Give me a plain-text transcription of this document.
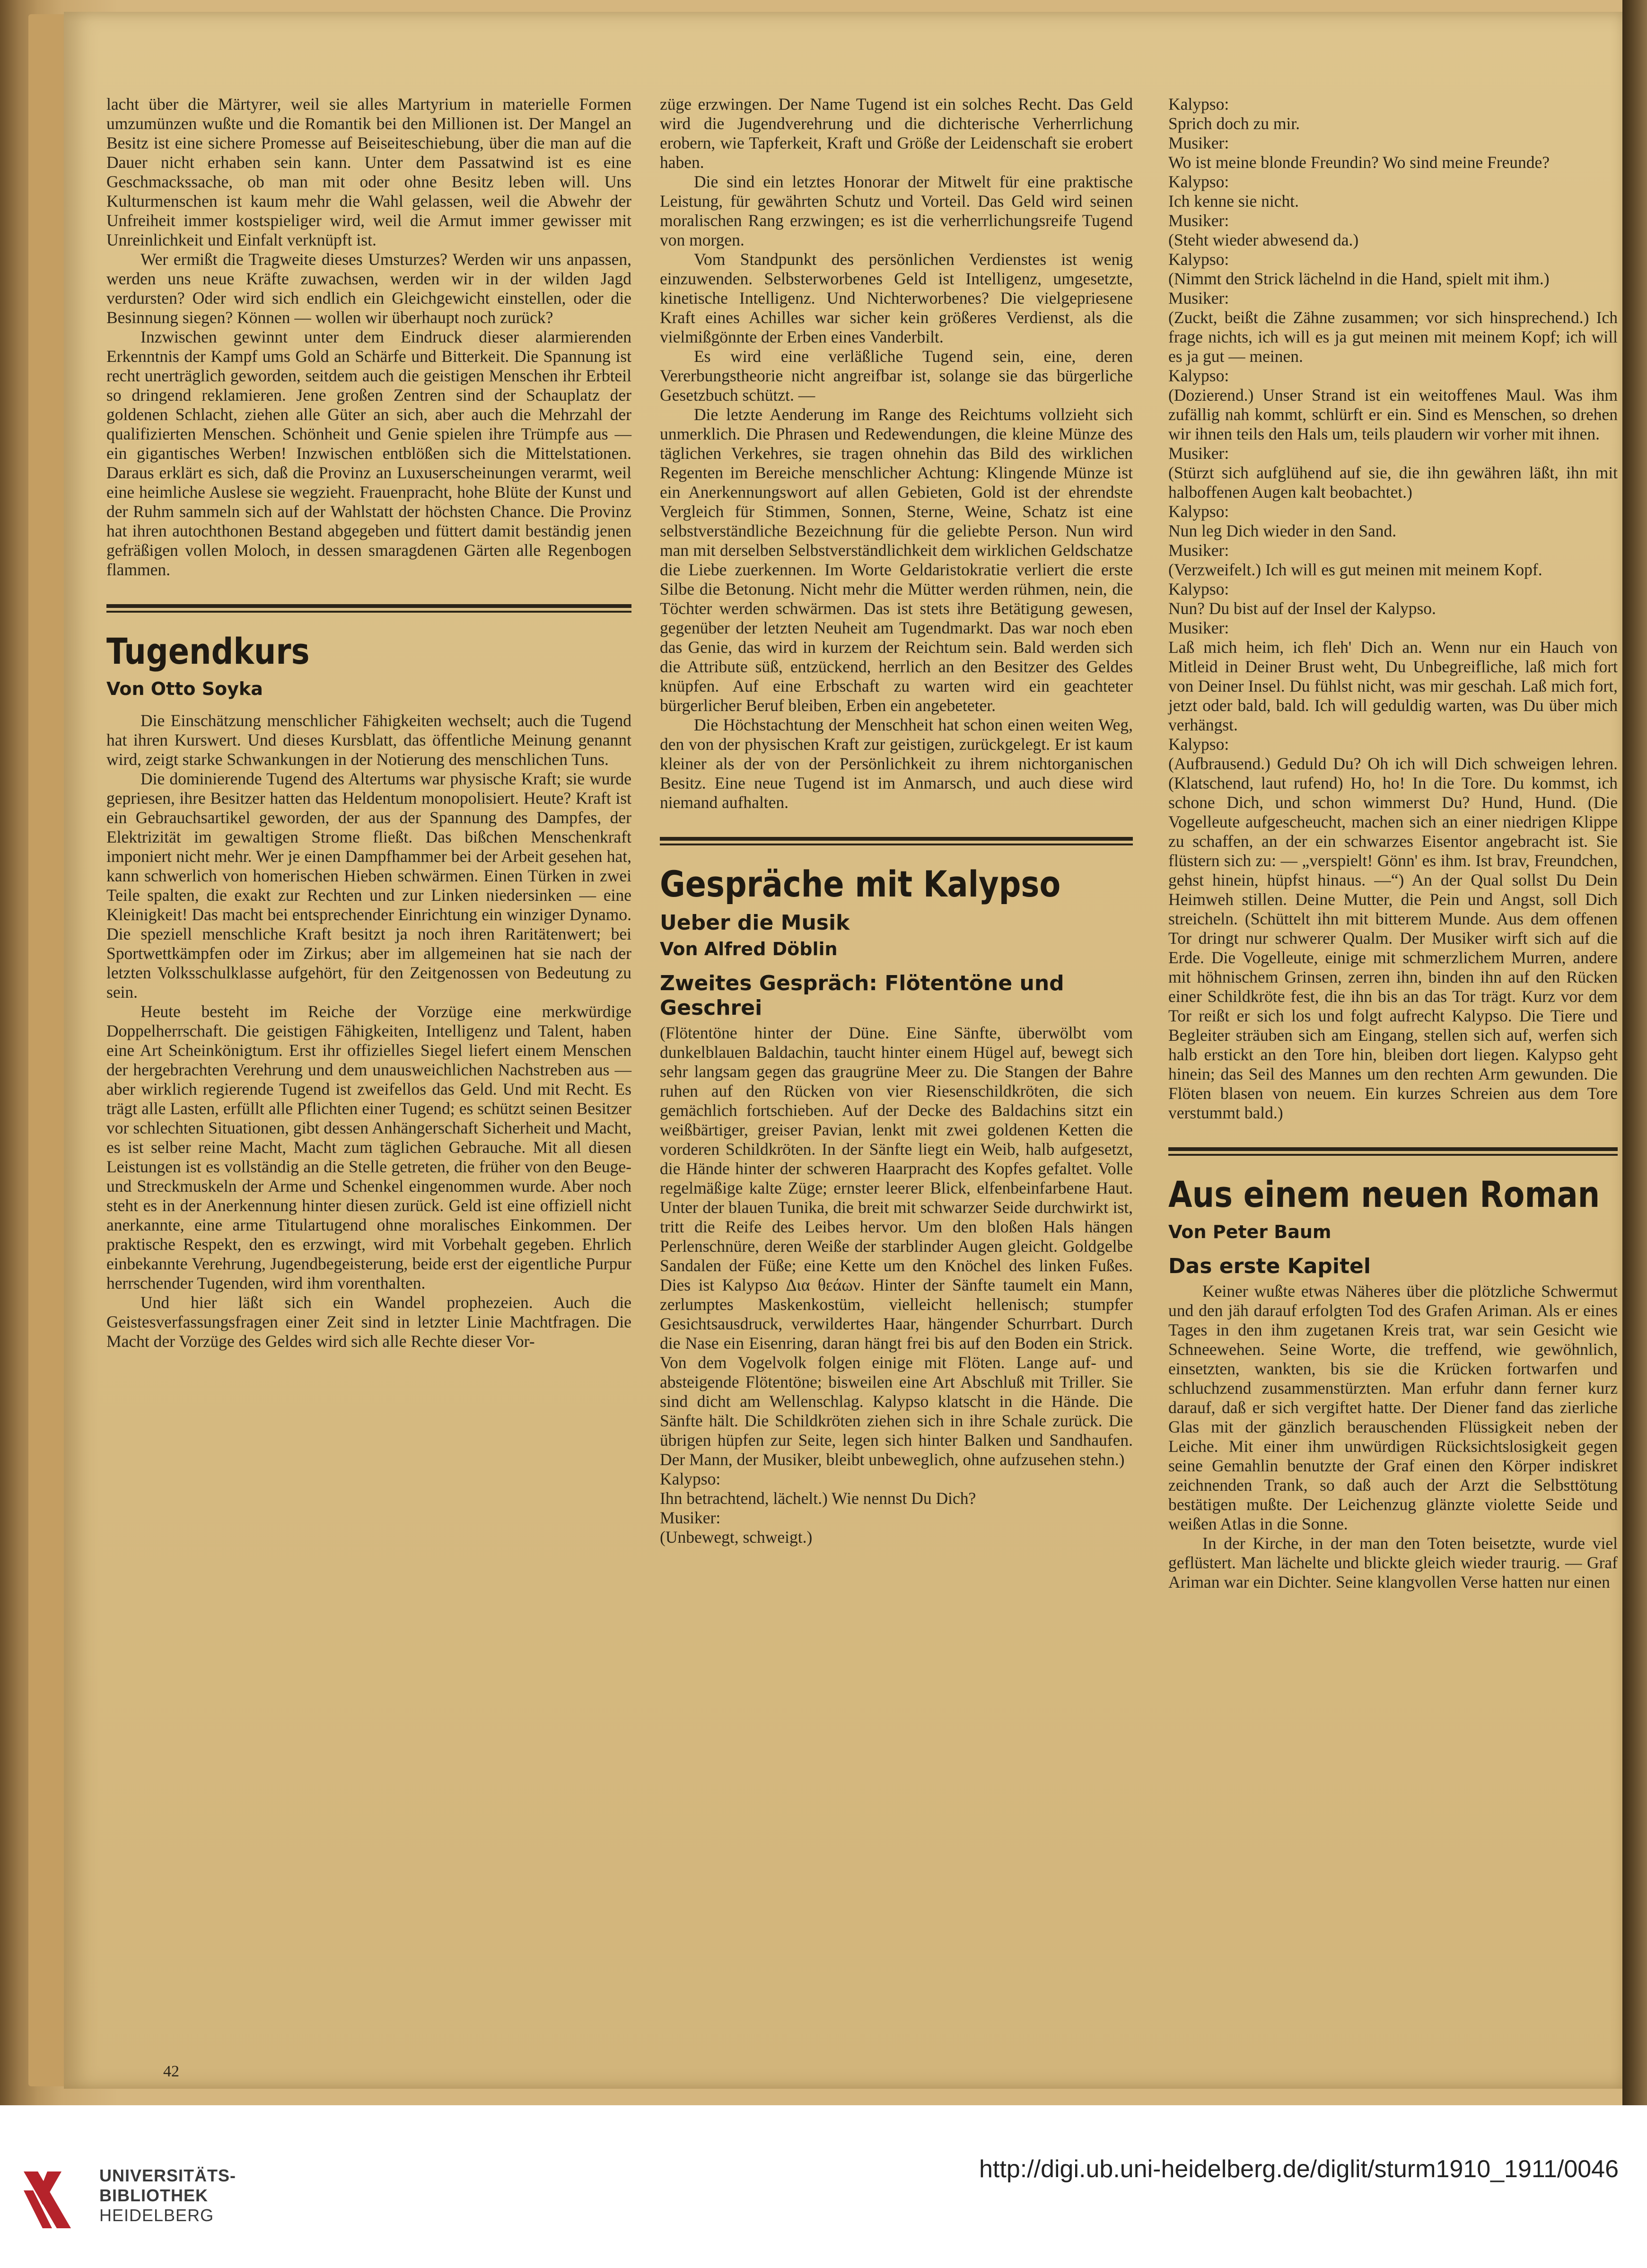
lacht über die Märtyrer, weil sie alles Martyrium in materielle Formen umzumünzen wußte und die Romantik bei den Millionen ist. Der Mangel an Besitz ist eine sichere Promesse auf Beiseiteschiebung, über die man auf die Dauer nicht erhaben sein kann. Unter dem Passatwind ist es eine Geschmackssache, ob man mit oder ohne Besitz leben will. Uns Kulturmenschen ist kaum mehr die Wahl gelassen, weil die Abwehr der Unfreiheit immer kostspieliger wird, weil die Armut immer gewisser mit Unreinlichkeit und Einfalt verknüpft ist.

Wer ermißt die Tragweite dieses Umsturzes? Werden wir uns anpassen, werden uns neue Kräfte zuwachsen, werden wir in der wilden Jagd verdursten? Oder wird sich endlich ein Gleichgewicht einstellen, oder die Besinnung siegen? Können — wollen wir überhaupt noch zurück?

Inzwischen gewinnt unter dem Eindruck dieser alarmierenden Erkenntnis der Kampf ums Gold an Schärfe und Bitterkeit. Die Spannung ist recht unerträglich geworden, seitdem auch die geistigen Menschen ihr Erbteil so dringend reklamieren. Jene großen Zentren sind der Schauplatz der goldenen Schlacht, ziehen alle Güter an sich, aber auch die Mehrzahl der qualifizierten Menschen. Schönheit und Genie spielen ihre Trümpfe aus — ein gigantisches Werben! Inzwischen entblößen sich die Mittelstationen. Daraus erklärt es sich, daß die Provinz an Luxuserscheinungen verarmt, weil eine heimliche Auslese sie wegzieht. Frauenpracht, hohe Blüte der Kunst und der Ruhm sammeln sich auf der Wahlstatt der höchsten Chance. Die Provinz hat ihren autochthonen Bestand abgegeben und füttert damit beständig jenen gefräßigen vollen Moloch, in dessen smaragdenen Gärten alle Regenbogen flammen.

Tugendkurs
Von Otto Soyka

Die Einschätzung menschlicher Fähigkeiten wechselt; auch die Tugend hat ihren Kurswert. Und dieses Kursblatt, das öffentliche Meinung genannt wird, zeigt starke Schwankungen in der Notierung des menschlichen Tuns.

Die dominierende Tugend des Altertums war physische Kraft; sie wurde gepriesen, ihre Besitzer hatten das Heldentum monopolisiert. Heute? Kraft ist ein Gebrauchsartikel geworden, der aus der Spannung des Dampfes, der Elektrizität im gewaltigen Strome fließt. Das bißchen Menschenkraft imponiert nicht mehr. Wer je einen Dampfhammer bei der Arbeit gesehen hat, kann schwerlich von homerischen Hieben schwärmen. Einen Türken in zwei Teile spalten, die exakt zur Rechten und zur Linken niedersinken — eine Kleinigkeit! Das macht bei entsprechender Einrichtung ein winziger Dynamo. Die speziell menschliche Kraft besitzt ja noch ihren Raritätenwert; bei Sportwettkämpfen oder im Zirkus; aber im allgemeinen hat sie nach der letzten Volksschulklasse aufgehört, für den Zeitgenossen von Bedeutung zu sein.

Heute besteht im Reiche der Vorzüge eine merkwürdige Doppelherrschaft. Die geistigen Fähigkeiten, Intelligenz und Talent, haben eine Art Scheinkönigtum. Erst ihr offizielles Siegel liefert einem Menschen der hergebrachten Verehrung und dem unausweichlichen Nachstreben aus — aber wirklich regierende Tugend ist zweifellos das Geld. Und mit Recht. Es trägt alle Lasten, erfüllt alle Pflichten einer Tugend; es schützt seinen Besitzer vor schlechten Situationen, gibt dessen Anhängerschaft Sicherheit und Macht, es ist selber reine Macht, Macht zum täglichen Gebrauche. Mit all diesen Leistungen ist es vollständig an die Stelle getreten, die früher von den Beuge- und Streckmuskeln der Arme und Schenkel eingenommen wurde. Aber noch steht es in der Anerkennung hinter diesen zurück. Geld ist eine offiziell nicht anerkannte, eine arme Titulartugend ohne moralisches Einkommen. Der praktische Respekt, den es erzwingt, wird mit Vorbehalt gegeben. Ehrlich einbekannte Verehrung, Jugendbegeisterung, beide erst der eigentliche Purpur herrschender Tugenden, wird ihm vorenthalten.

Und hier läßt sich ein Wandel prophezeien. Auch die Geistesverfassungsfragen einer Zeit sind in letzter Linie Machtfragen. Die Macht der Vorzüge des Geldes wird sich alle Rechte dieser Vor-

züge erzwingen. Der Name Tugend ist ein solches Recht. Das Geld wird die Jugendverehrung und die dichterische Verherrlichung erobern, wie Tapferkeit, Kraft und Größe der Leidenschaft sie erobert haben.

Die sind ein letztes Honorar der Mitwelt für eine praktische Leistung, für gewährten Schutz und Vorteil. Das Geld wird seinen moralischen Rang erzwingen; es ist die verherrlichungsreife Tugend von morgen.

Vom Standpunkt des persönlichen Verdienstes ist wenig einzuwenden. Selbsterworbenes Geld ist Intelligenz, umgesetzte, kinetische Intelligenz. Und Nichterworbenes? Die vielgepriesene Kraft eines Achilles war sicher kein größeres Verdienst, als die vielmißgönnte der Erben eines Vanderbilt.

Es wird eine verläßliche Tugend sein, eine, deren Vererbungstheorie nicht angreifbar ist, solange sie das bürgerliche Gesetzbuch schützt. —

Die letzte Aenderung im Range des Reichtums vollzieht sich unmerklich. Die Phrasen und Redewendungen, die kleine Münze des täglichen Verkehres, sie tragen ohnehin das Bild des wirklichen Regenten im Bereiche menschlicher Achtung: Klingende Münze ist ein Anerkennungswort auf allen Gebieten, Gold ist der ehrendste Vergleich für Stimmen, Sonnen, Sterne, Weine, Schatz ist eine selbstverständliche Bezeichnung für die geliebte Person. Nun wird man mit derselben Selbstverständlichkeit dem wirklichen Geldschatze die Liebe zuerkennen. Im Worte Geldaristokratie verliert die erste Silbe die Betonung. Nicht mehr die Mütter werden rühmen, nein, die Töchter werden schwärmen. Das ist stets ihre Betätigung gewesen, gegenüber der letzten Neuheit am Tugendmarkt. Das war noch eben das Genie, das wird in kurzem der Reichtum sein. Bald werden sich die Attribute süß, entzückend, herrlich an den Besitzer des Geldes knüpfen. Auf eine Erbschaft zu warten wird ein geachteter bürgerlicher Beruf bleiben, Erben ein angebeteter.

Die Höchstachtung der Menschheit hat schon einen weiten Weg, den von der physischen Kraft zur geistigen, zurückgelegt. Er ist kaum kleiner als der von der Persönlichkeit zu ihrem nichtorganischen Besitz. Eine neue Tugend ist im Anmarsch, und auch diese wird niemand aufhalten.

Gespräche mit Kalypso
Ueber die Musik
Von Alfred Döblin
Zweites Gespräch: Flötentöne und Geschrei

(Flötentöne hinter der Düne. Eine Sänfte, überwölbt vom dunkelblauen Baldachin, taucht hinter einem Hügel auf, bewegt sich sehr langsam gegen das graugrüne Meer zu. Die Stangen der Bahre ruhen auf den Rücken von vier Riesenschildkröten, die sich gemächlich fortschieben. Auf der Decke des Baldachins sitzt ein weißbärtiger, greiser Pavian, lenkt mit zwei goldenen Ketten die vorderen Schildkröten. In der Sänfte liegt ein Weib, halb aufgesetzt, die Hände hinter der schweren Haarpracht des Kopfes gefaltet. Volle regelmäßige kalte Züge; ernster leerer Blick, elfenbeinfarbene Haut. Unter der blauen Tunika, die breit mit schwarzer Seide durchwirkt ist, tritt die Reife des Leibes hervor. Um den bloßen Hals hängen Perlenschnüre, deren Weiße der starblinder Augen gleicht. Goldgelbe Sandalen der Füße; eine Kette um den Knöchel des linken Fußes. Dies ist Kalypso Δια θεάων. Hinter der Sänfte taumelt ein Mann, zerlumptes Maskenkostüm, vielleicht hellenisch; stumpfer Gesichtsausdruck, verwildertes Haar, hängender Schurrbart. Durch die Nase ein Eisenring, daran hängt frei bis auf den Boden ein Strick. Von dem Vogelvolk folgen einige mit Flöten. Lange auf- und absteigende Flötentöne; bisweilen eine Art Abschluß mit Triller. Sie sind dicht am Wellenschlag. Kalypso klatscht in die Hände. Die Sänfte hält. Die Schildkröten ziehen sich in ihre Schale zurück. Die übrigen hüpfen zur Seite, legen sich hinter Balken und Sandhaufen. Der Mann, der Musiker, bleibt unbeweglich, ohne aufzusehen stehn.)

Kalypso:

Ihn betrachtend, lächelt.) Wie nennst Du Dich?

Musiker:

(Unbewegt, schweigt.)

Kalypso:

Sprich doch zu mir.

Musiker:

Wo ist meine blonde Freundin? Wo sind meine Freunde?

Kalypso:

Ich kenne sie nicht.

Musiker:

(Steht wieder abwesend da.)

Kalypso:

(Nimmt den Strick lächelnd in die Hand, spielt mit ihm.)

Musiker:

(Zuckt, beißt die Zähne zusammen; vor sich hinsprechend.) Ich frage nichts, ich will es ja gut meinen mit meinem Kopf; ich will es ja gut — meinen.

Kalypso:

(Dozierend.) Unser Strand ist ein weitoffenes Maul. Was ihm zufällig nah kommt, schlürft er ein. Sind es Menschen, so drehen wir ihnen teils den Hals um, teils plaudern wir vorher mit ihnen.

Musiker:

(Stürzt sich aufglühend auf sie, die ihn gewähren läßt, ihn mit halboffenen Augen kalt beobachtet.)

Kalypso:

Nun leg Dich wieder in den Sand.

Musiker:

(Verzweifelt.) Ich will es gut meinen mit meinem Kopf.

Kalypso:

Nun? Du bist auf der Insel der Kalypso.

Musiker:

Laß mich heim, ich fleh' Dich an. Wenn nur ein Hauch von Mitleid in Deiner Brust weht, Du Unbegreifliche, laß mich fort von Deiner Insel. Du fühlst nicht, was mir geschah. Laß mich fort, jetzt oder bald, bald. Ich will geduldig warten, was Du über mich verhängst.

Kalypso:

(Aufbrausend.) Geduld Du? Oh ich will Dich schweigen lehren. (Klatschend, laut rufend) Ho, ho! In die Tore. Du kommst, ich schone Dich, und schon wimmerst Du? Hund, Hund. (Die Vogelleute aufgescheucht, machen sich an einer niedrigen Klippe zu schaffen, an der ein schwarzes Eisentor angebracht ist. Sie flüstern sich zu: — „verspielt! Gönn' es ihm. Ist brav, Freundchen, gehst hinein, hüpfst hinaus. —“) An der Qual sollst Du Dein Heimweh stillen. Deine Mutter, die Pein und Angst, soll Dich streicheln. (Schüttelt ihn mit bitterem Munde. Aus dem offenen Tor dringt nur schwerer Qualm. Der Musiker wirft sich auf die Erde. Die Vogelleute, einige mit schmerzlichem Murren, andere mit höhnischem Grinsen, zerren ihn, binden ihn auf den Rücken einer Schildkröte fest, die ihn bis an das Tor trägt. Kurz vor dem Tor reißt er sich los und folgt aufrecht Kalypso. Die Tiere und Begleiter sträuben sich am Eingang, stellen sich auf, werfen sich halb erstickt an den Tore hin, bleiben dort liegen. Kalypso geht hinein; das Seil des Mannes um den rechten Arm gewunden. Die Flöten blasen von neuem. Ein kurzes Schreien aus dem Tore verstummt bald.)

Aus einem neuen Roman
Von Peter Baum
Das erste Kapitel

Keiner wußte etwas Näheres über die plötzliche Schwermut und den jäh darauf erfolgten Tod des Grafen Ariman. Als er eines Tages in den ihm zugetanen Kreis trat, war sein Gesicht wie Schneewehen. Seine Worte, die treffend, wie gewöhnlich, einsetzten, wankten, bis sie die Krücken fortwarfen und schluchzend zusammenstürzten. Man erfuhr dann ferner kurz darauf, daß er sich vergiftet hatte. Der Diener fand das zierliche Glas mit der gänzlich berauschenden Flüssigkeit neben der Leiche. Mit einer ihm unwürdigen Rücksichtslosigkeit gegen seine Gemahlin benutzte der Graf einen den Körper indiskret zeichnenden Trank, so daß auch der Arzt die Selbsttötung bestätigen mußte. Der Leichenzug glänzte violette Seide und weißen Atlas in die Sonne.

In der Kirche, in der man den Toten beisetzte, wurde viel geflüstert. Man lächelte und blickte gleich wieder traurig. — Graf Ariman war ein Dichter. Seine klangvollen Verse hatten nur einen

42
UNIVERSITÄTS-
BIBLIOTHEK
HEIDELBERG
http://digi.ub.uni-heidelberg.de/diglit/sturm1910_1911/0046
